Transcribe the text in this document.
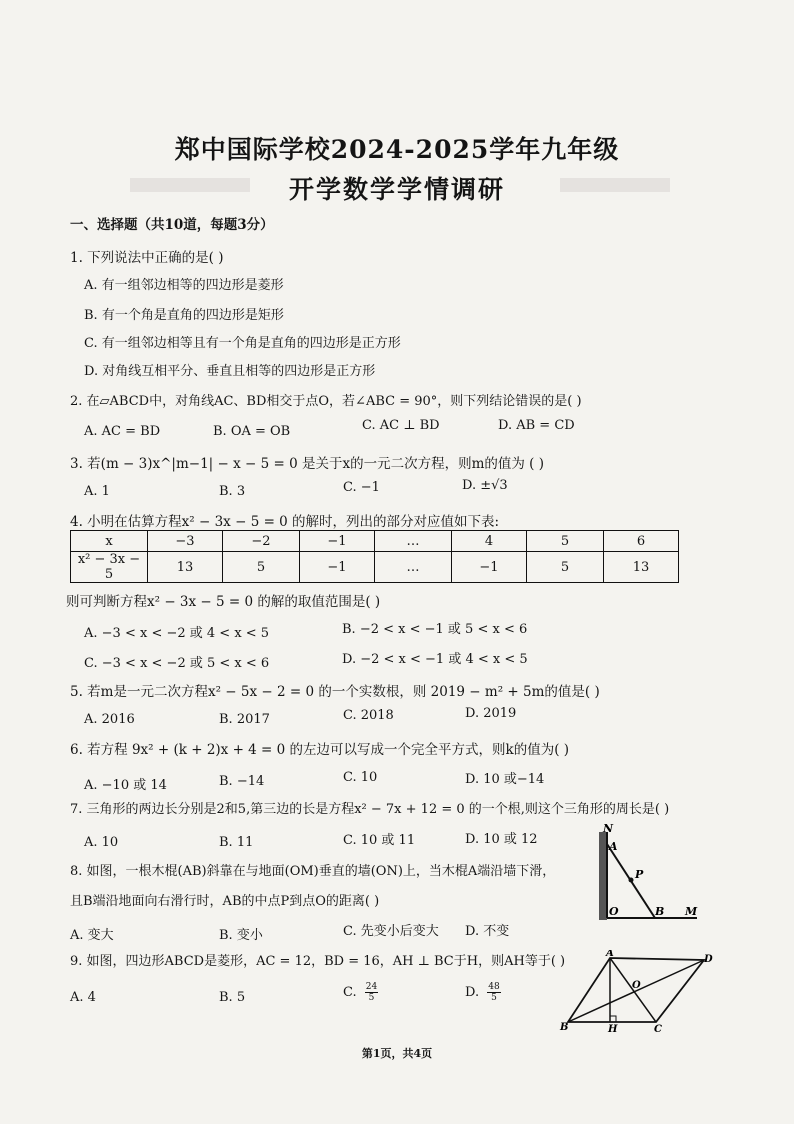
郑中国际学校2024-2025学年九年级
开学数学学情调研
一、选择题（共10道，每题3分）
1. 下列说法中正确的是( )
A. 有一组邻边相等的四边形是菱形
B. 有一个角是直角的四边形是矩形
C. 有一组邻边相等且有一个角是直角的四边形是正方形
D. 对角线互相平分、垂直且相等的四边形是正方形
2. 在▱ABCD中，对角线AC、BD相交于点O，若∠ABC = 90°，则下列结论错误的是( )
A. AC = BD	B. OA = OB	C. AC ⊥ BD	D. AB = CD
3. 若(m − 3)x^|m−1| − x − 5 = 0 是关于x的一元二次方程，则m的值为 ( )
A. 1	B. 3	C. −1	D. ±√3
4. 小明在估算方程x² − 3x − 5 = 0 的解时，列出的部分对应值如下表:
x	−3	−2	−1	…	4	5	6
x² − 3x − 5	13	5	−1	…	−1	5	13
则可判断方程x² − 3x − 5 = 0 的解的取值范围是( )
A. −3 < x < −2 或 4 < x < 5	B. −2 < x < −1 或 5 < x < 6
C. −3 < x < −2 或 5 < x < 6	D. −2 < x < −1 或 4 < x < 5
5. 若m是一元二次方程x² − 5x − 2 = 0 的一个实数根，则 2019 − m² + 5m的值是( )
A. 2016	B. 2017	C. 2018	D. 2019
6. 若方程 9x² + (k + 2)x + 4 = 0 的左边可以写成一个完全平方式，则k的值为( )
A. −10 或 14	B. −14	C. 10	D. 10 或−14
7. 三角形的两边长分别是2和5,第三边的长是方程x² − 7x + 12 = 0 的一个根,则这个三角形的周长是( )
A. 10	B. 11	C. 10 或 11	D. 10 或 12
8. 如图，一根木棍(AB)斜靠在与地面(OM)垂直的墙(ON)上，当木棍A端沿墙下滑，
且B端沿地面向右滑行时，AB的中点P到点O的距离( )
A. 变大	B. 变小	C. 先变小后变大 D. 不变
N
A
P
O	B M
9. 如图，四边形ABCD是菱形，AC = 12，BD = 16，AH ⊥ BC于H，则AH等于( )
A. 4	B. 5	C. $\frac{24}{5}$	D. $\frac{48}{5}$
A
D
O
B	H	C
第1页，共4页
